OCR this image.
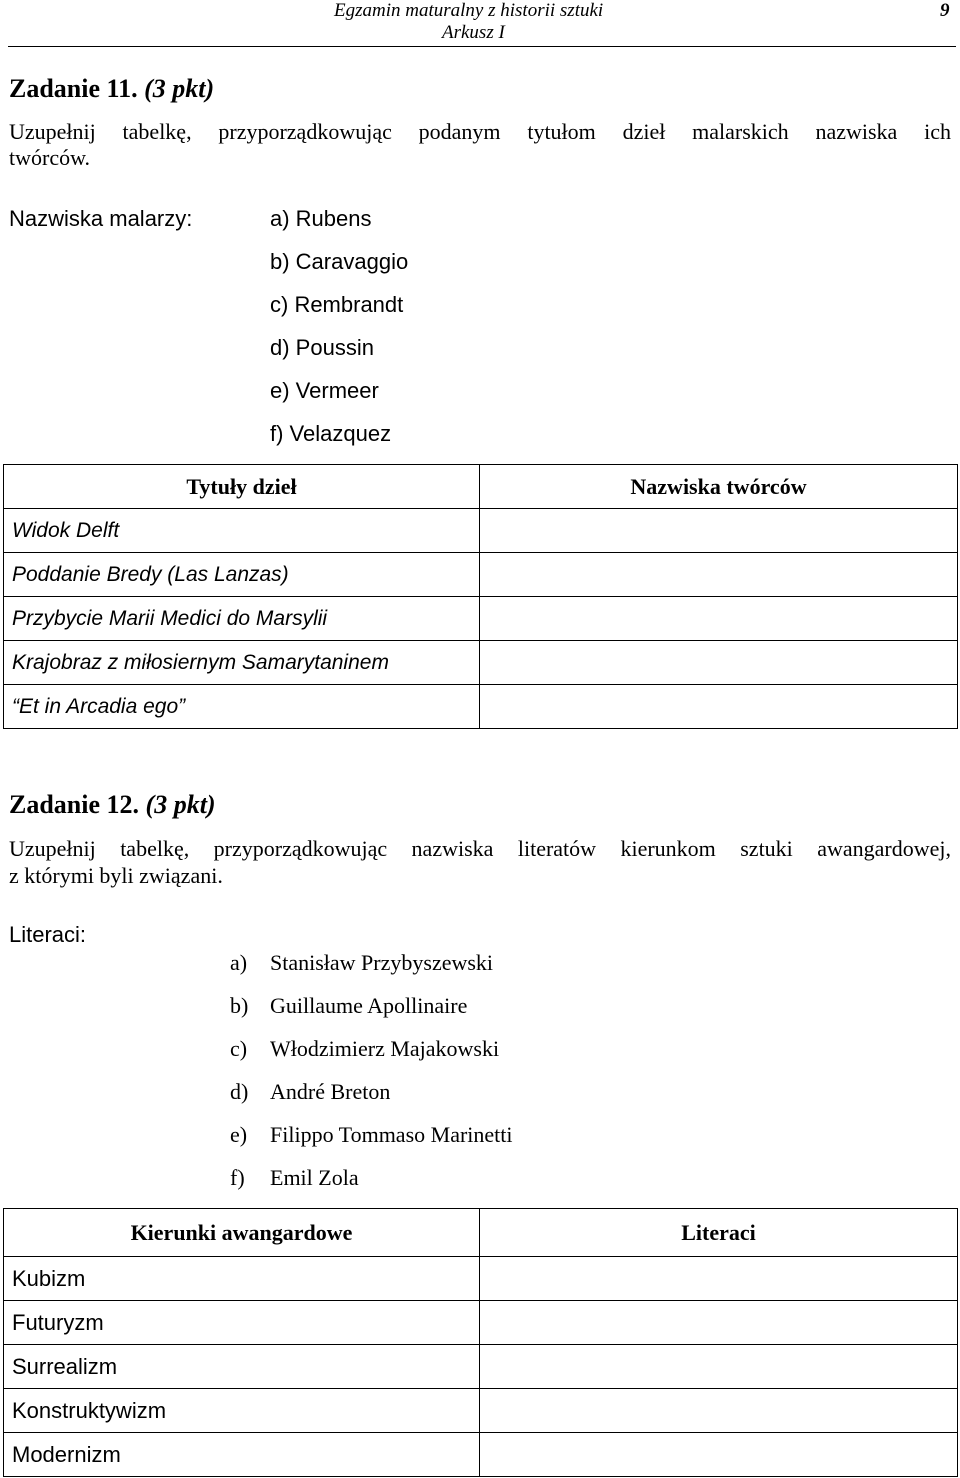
Egzamin maturalny z historii sztuki
Arkusz I
9
Zadanie 11. (3 pkt)
Uzupełnij tabelkę, przyporządkowując podanym tytułom dzieł malarskich nazwiska ich
twórców.
Nazwiska malarzy:	a) Rubens
b) Caravaggio
c) Rembrandt
d) Poussin
e) Vermeer
f) Velazquez
Tytuły dzieł	Nazwiska twórców
Widok Delft	
Poddanie Bredy (Las Lanzas)	
Przybycie Marii Medici do Marsylii	
Krajobraz z miłosiernym Samarytaninem	
“Et in Arcadia ego”	
Zadanie 12. (3 pkt)
Uzupełnij tabelkę, przyporządkowując nazwiska literatów kierunkom sztuki awangardowej,
z którymi byli związani.
Literaci:
a) Stanisław Przybyszewski
b) Guillaume Apollinaire
c) Włodzimierz Majakowski
d) André Breton
e) Filippo Tommaso Marinetti
f) Emil Zola
Kierunki awangardowe	Literaci
Kubizm	
Futuryzm	
Surrealizm	
Konstruktywizm	
Modernizm	
